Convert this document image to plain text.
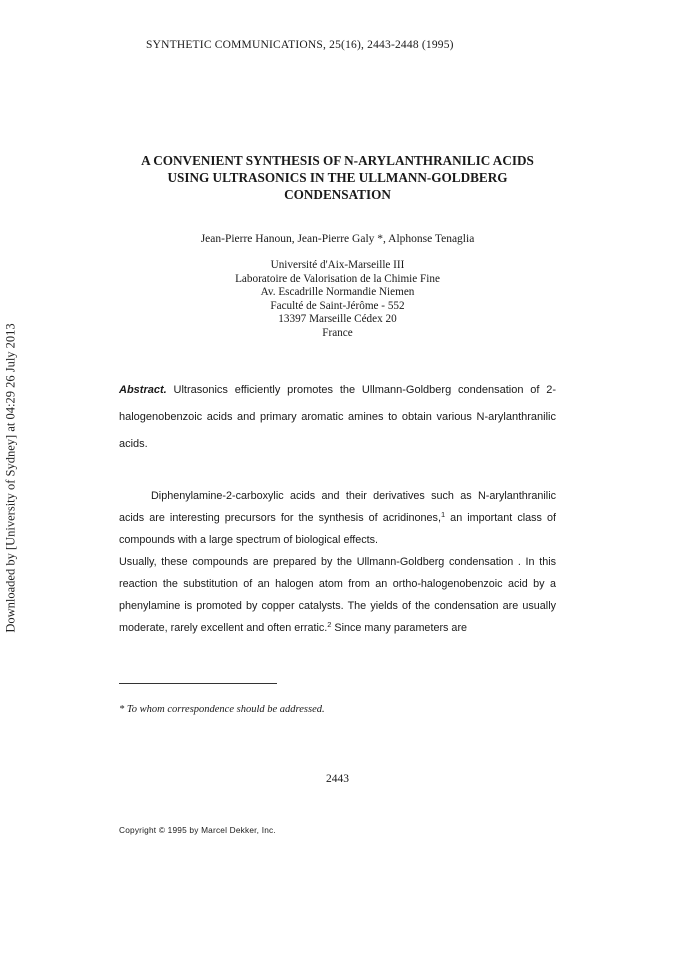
Downloaded by [University of Sydney] at 04:29 26 July 2013
SYNTHETIC COMMUNICATIONS, 25(16), 2443-2448 (1995)
A CONVENIENT SYNTHESIS OF N-ARYLANTHRANILIC ACIDS
USING ULTRASONICS IN THE ULLMANN-GOLDBERG
CONDENSATION
Jean-Pierre Hanoun, Jean-Pierre Galy *, Alphonse Tenaglia
Université d'Aix-Marseille III
Laboratoire de Valorisation de la Chimie Fine
Av. Escadrille Normandie Niemen
Faculté de Saint-Jérôme - 552
13397 Marseille Cédex 20
France
Abstract. Ultrasonics efficiently promotes the Ullmann-Goldberg condensation of 2-halogenobenzoic acids and primary aromatic amines to obtain various N-arylanthranilic acids.

Diphenylamine-2-carboxylic acids and their derivatives such as N-arylanthranilic acids are interesting precursors for the synthesis of acridinones,$^1$ an important class of compounds with a large spectrum of biological effects.

Usually, these compounds are prepared by the Ullmann-Goldberg condensation . In this reaction the substitution of an halogen atom from an ortho-halogenobenzoic acid by a phenylamine is promoted by copper catalysts. The yields of the condensation are usually moderate, rarely excellent and often erratic.$^2$ Since many parameters are

* To whom correspondence should be addressed.
2443
Copyright © 1995 by Marcel Dekker, Inc.
